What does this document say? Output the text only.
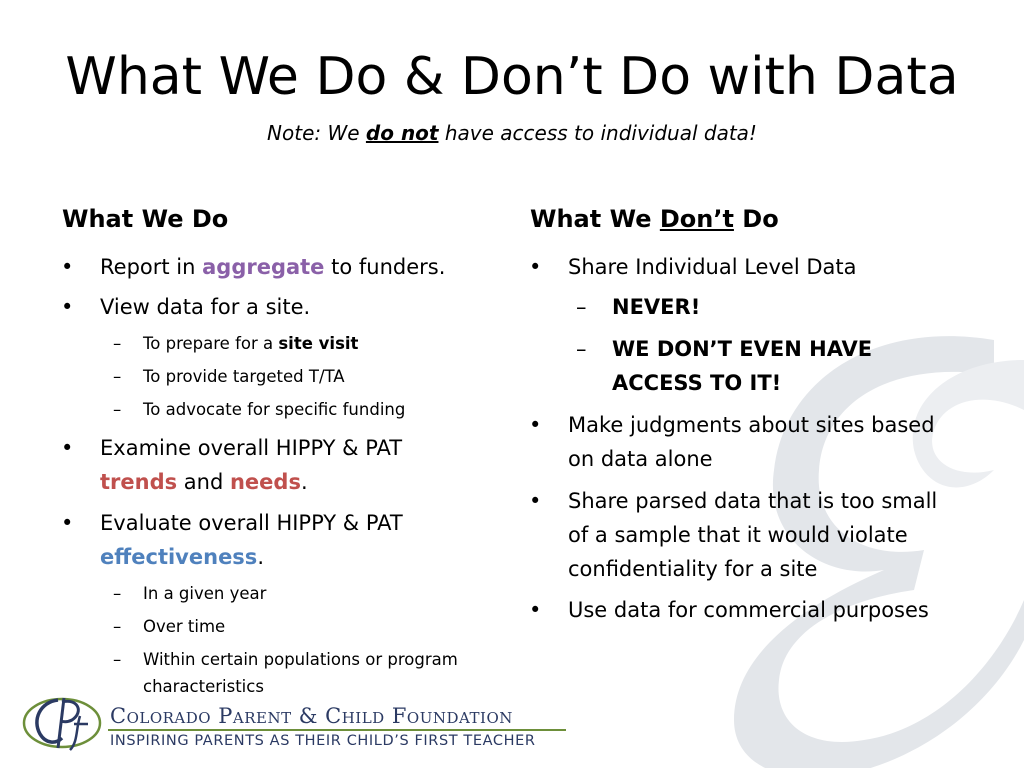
What We Do & Don’t Do with Data
Note: We do not have access to individual data!
What We Do	What We Don’t Do
• Report in aggregate to funders.
• View data for a site.
– To prepare for a site visit
– To provide targeted T/TA
– To advocate for specific funding
• Examine overall HIPPY & PAT
trends and needs.
• Evaluate overall HIPPY & PAT
effectiveness.
– In a given year
– Over time
– Within certain populations or program characteristics
• Share Individual Level Data
– NEVER!
– WE DON’T EVEN HAVE ACCESS TO IT!
• Make judgments about sites based on data alone
• Share parsed data that is too small of a sample that it would violate confidentiality for a site
• Use data for commercial purposes
Colorado Parent & Child Foundation
INSPIRING PARENTS AS THEIR CHILD’S FIRST TEACHER
